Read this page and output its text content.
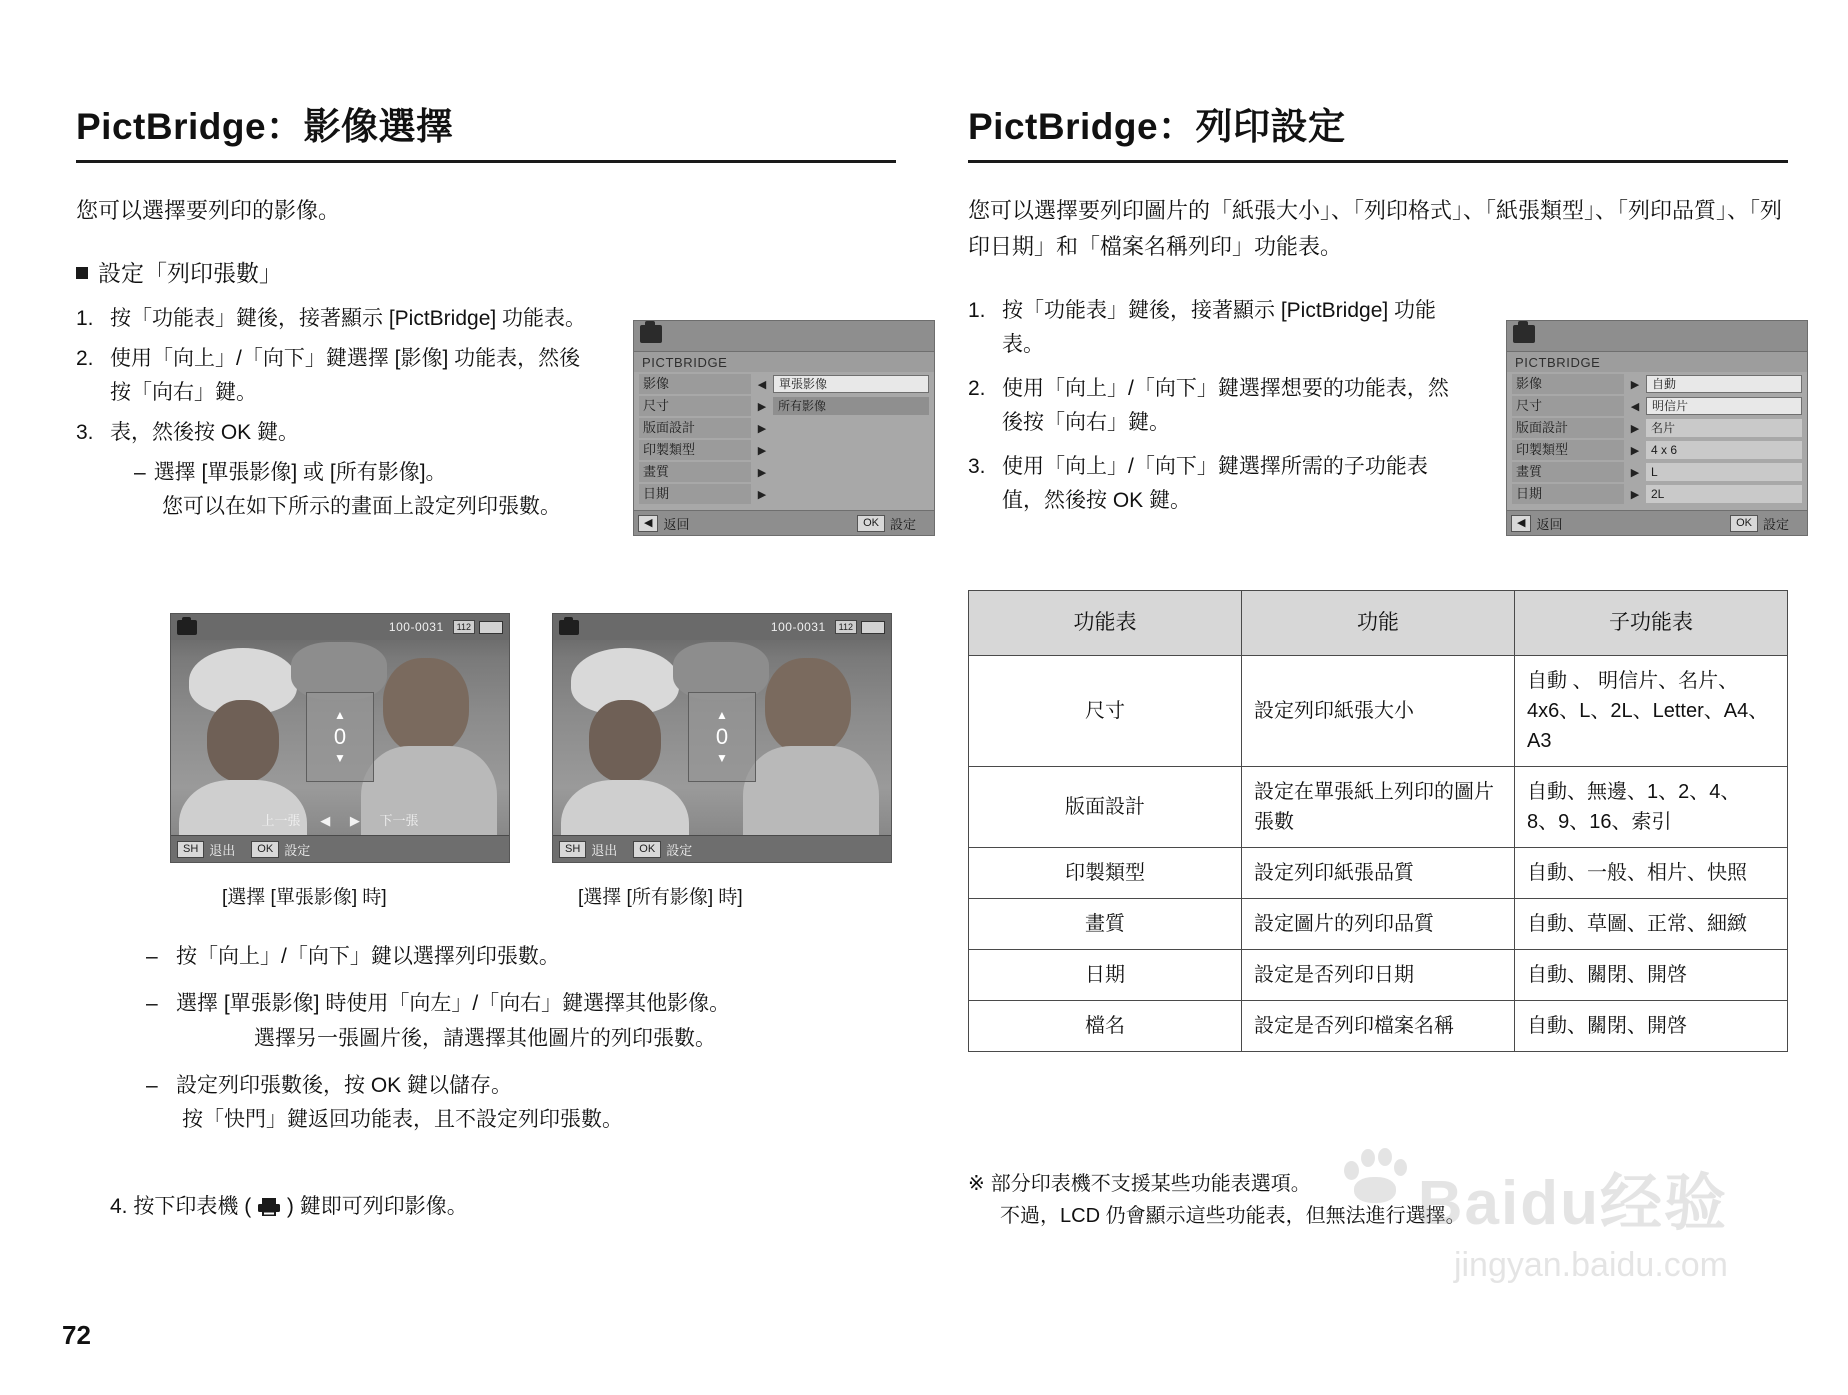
PictBridge：影像選擇

您可以選擇要列印的影像。

設定「列印張數」
1. 按「功能表」鍵後，接著顯示 [PictBridge] 功能表。
2. 使用「向上」/「向下」鍵選擇 [影像] 功能表，然後按「向右」鍵。
3. 表，然後按 OK 鍵。
– 選擇 [單張影像] 或 [所有影像]。
您可以在如下所示的畫面上設定列印張數。
PICTBRIDGE
影像	◀	單張影像
尺寸	▶ 所有影像
版面設計	▶
印製類型	▶
畫質	▶
日期	▶
◀ 返回	OK 設定
100-0031	112
▲
0
▼
上一張 ◀ ▶ 下一張
SH 退出	OK 設定
[選擇 [單張影像] 時]
100-0031	112
▲
0
▼
SH 退出	OK 設定
[選擇 [所有影像] 時]
– 按「向上」/「向下」鍵以選擇列印張數。
– 選擇 [單張影像] 時使用「向左」/「向右」鍵選擇其他影像。
選擇另一張圖片後，請選擇其他圖片的列印張數。
– 設定列印張數後，按 OK 鍵以儲存。
按「快門」鍵返回功能表，且不設定列印張數。
4. 按下印表機 ( ) 鍵即可列印影像。
PictBridge：列印設定

您可以選擇要列印圖片的「紙張大小」、「列印格式」、「紙張類型」、「列印品質」、「列印日期」和「檔案名稱列印」功能表。

1. 按「功能表」鍵後，接著顯示 [PictBridge] 功能表。
2. 使用「向上」/「向下」鍵選擇想要的功能表，然後按「向右」鍵。
3. 使用「向上」/「向下」鍵選擇所需的子功能表值，然後按 OK 鍵。
PICTBRIDGE
影像	▶	自動
尺寸	◀	明信片
版面設計	▶ 名片
印製類型	▶ 4 x 6
畫質	▶ L
日期	▶ 2L
◀ 返回	OK 設定
功能表	功能	子功能表
尺寸	設定列印紙張大小	自動 、 明信片、名片、
4x6、L、2L、Letter、A4、A3
版面設計	設定在單張紙上列印的圖片張數	自動、無邊、1、2、4、
8、9、16、索引
印製類型	設定列印紙張品質	自動、一般、相片、快照
畫質	設定圖片的列印品質	自動、草圖、正常、細緻
日期	設定是否列印日期	自動、關閉、開啓
檔名	設定是否列印檔案名稱	自動、關閉、開啓
※ 部分印表機不支援某些功能表選項。
不過，LCD 仍會顯示這些功能表，但無法進行選擇。
Baidu经验
jingyan.baidu.com
72
